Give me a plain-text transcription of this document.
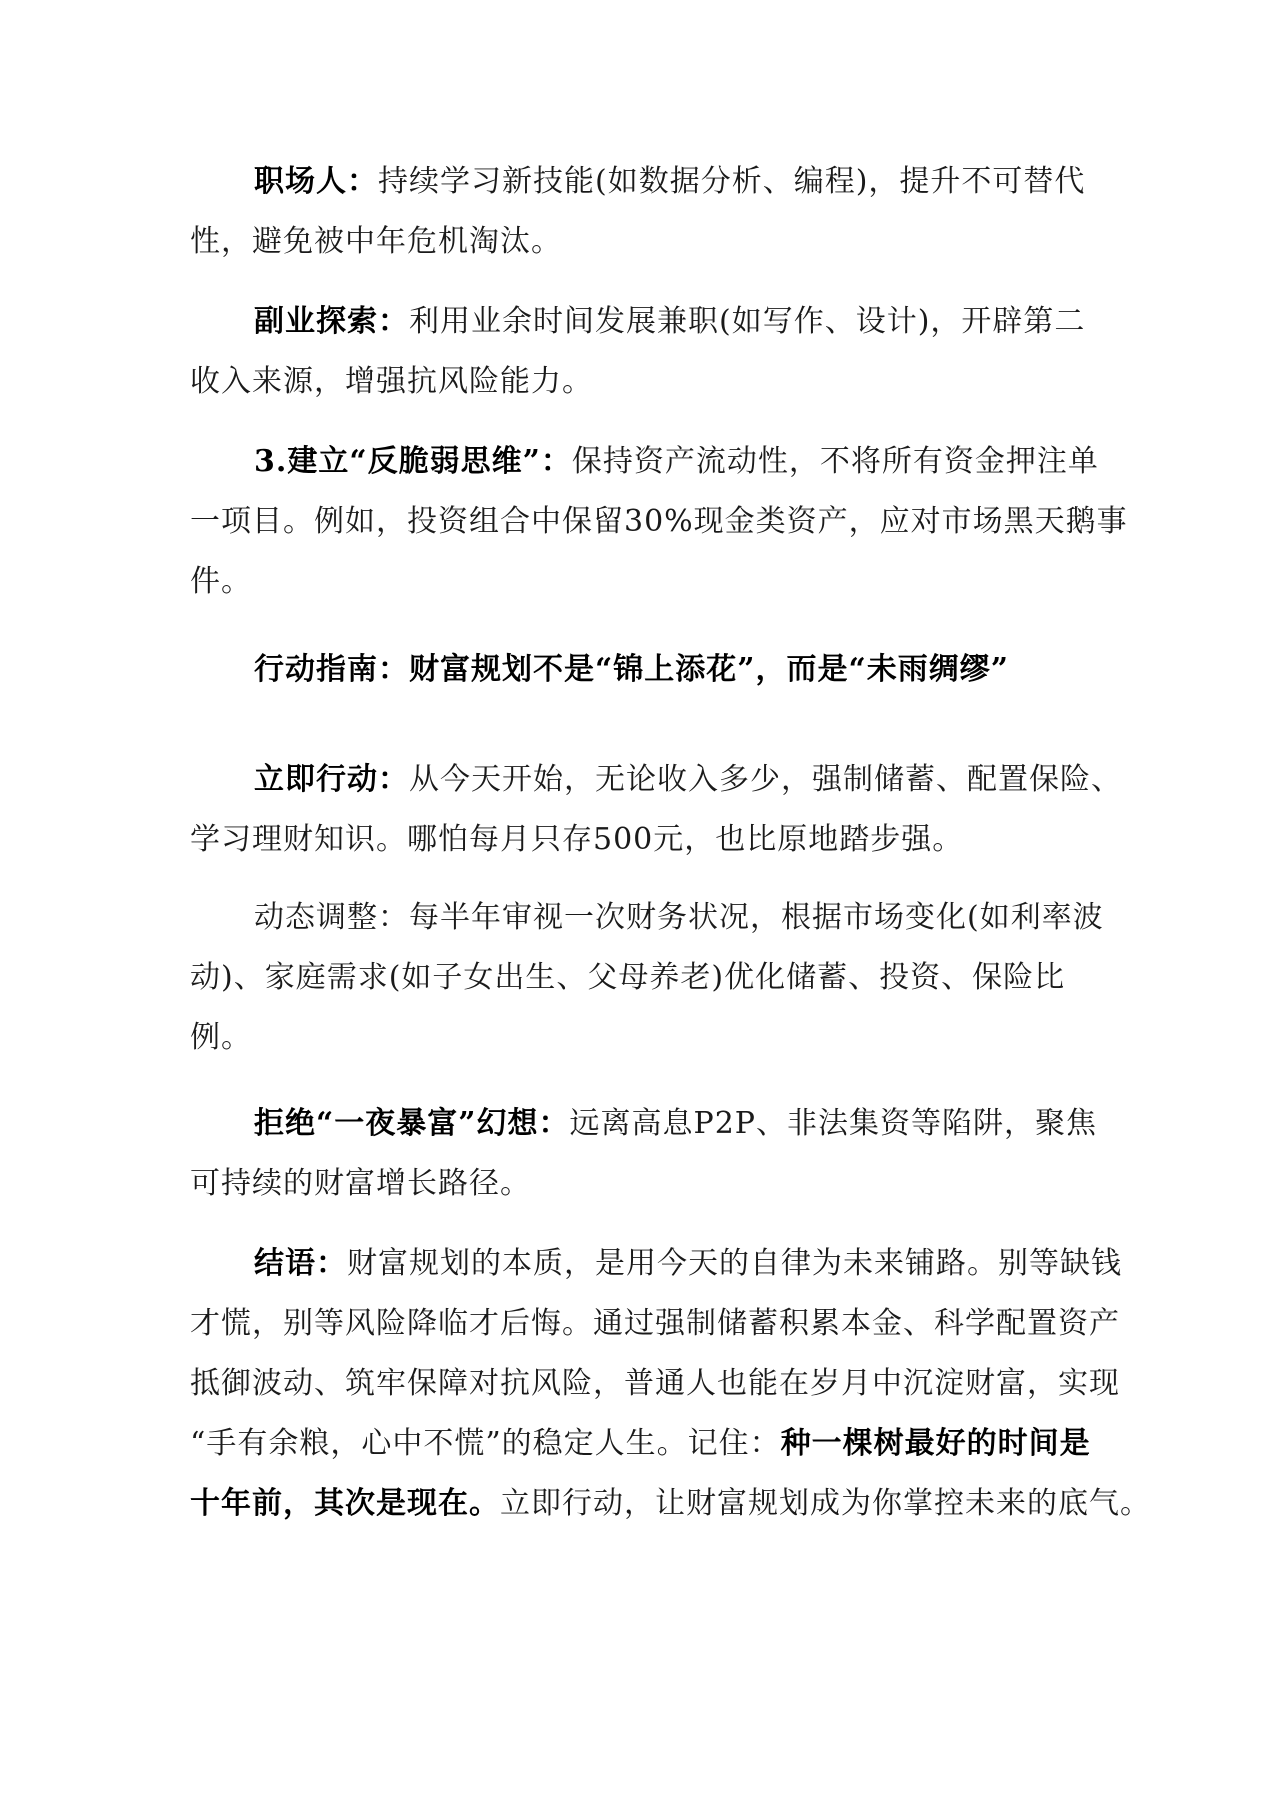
职场人：持续学习新技能(如数据分析、编程)，提升不可替代
性，避免被中年危机淘汰。
副业探索：利用业余时间发展兼职(如写作、设计)，开辟第二
收入来源，增强抗风险能力。
3.建立“反脆弱思维”：保持资产流动性，不将所有资金押注单
一项目。例如，投资组合中保留30%现金类资产，应对市场黑天鹅事
件。
行动指南：财富规划不是“锦上添花”，而是“未雨绸缪”
立即行动：从今天开始，无论收入多少，强制储蓄、配置保险、
学习理财知识。哪怕每月只存500元，也比原地踏步强。
动态调整：每半年审视一次财务状况，根据市场变化(如利率波
动)、家庭需求(如子女出生、父母养老)优化储蓄、投资、保险比
例。
拒绝“一夜暴富”幻想：远离高息P2P、非法集资等陷阱，聚焦
可持续的财富增长路径。
结语：财富规划的本质，是用今天的自律为未来铺路。别等缺钱
才慌，别等风险降临才后悔。通过强制储蓄积累本金、科学配置资产
抵御波动、筑牢保障对抗风险，普通人也能在岁月中沉淀财富，实现
“手有余粮，心中不慌”的稳定人生。记住：种一棵树最好的时间是
十年前，其次是现在。立即行动，让财富规划成为你掌控未来的底气。
